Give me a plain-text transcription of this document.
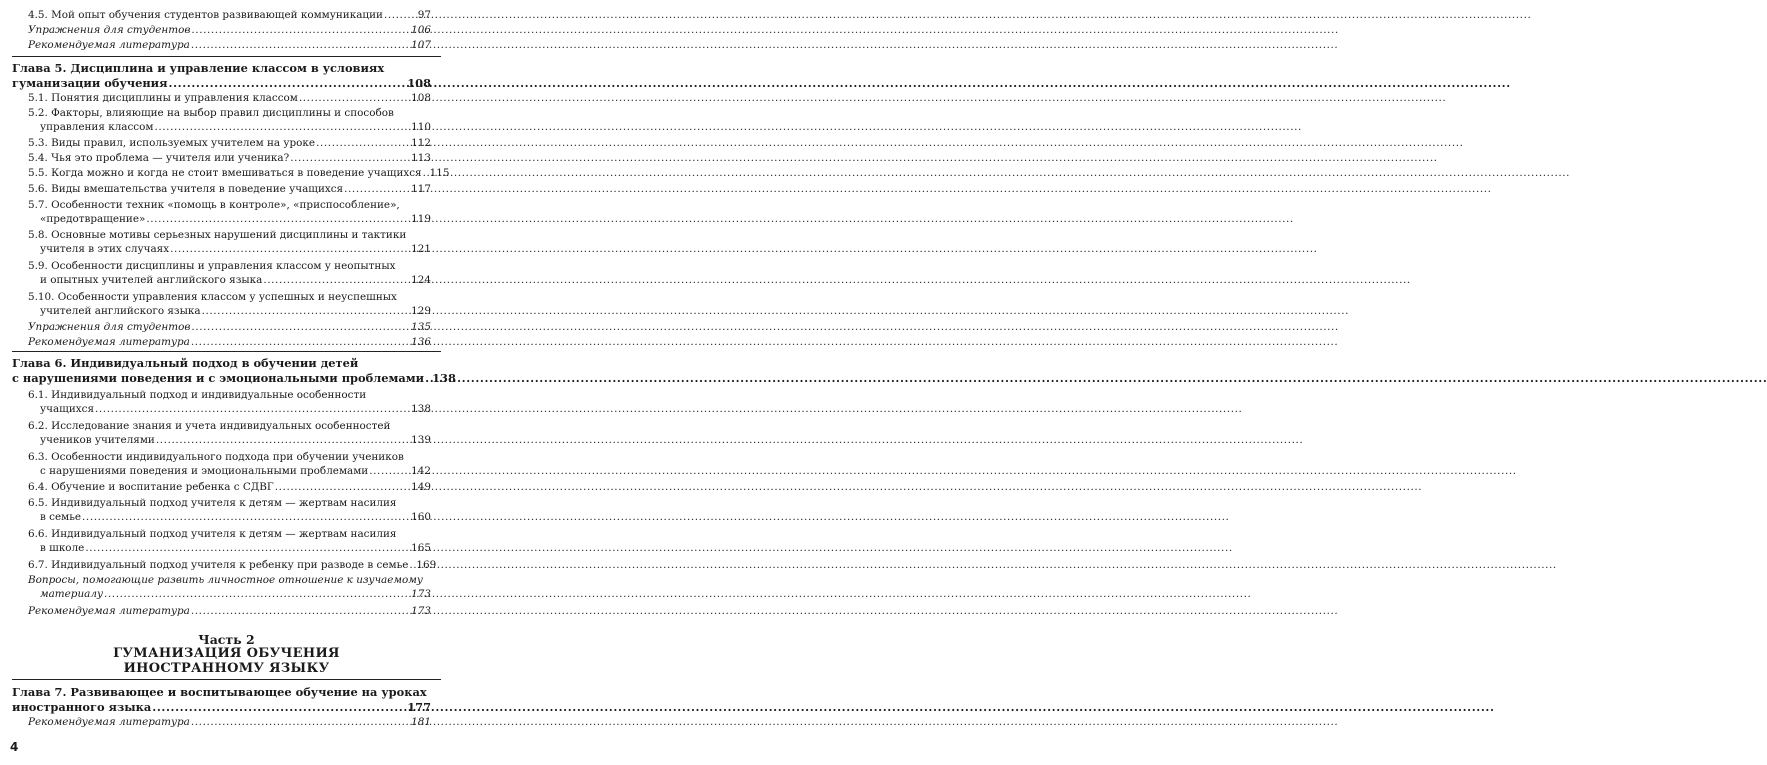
4.5. Мой опыт обучения студентов развивающей коммуникации .....	97
Упражнения для студентов .....	106
Рекомендуемая литература .....	107
Глава 5. Дисциплина и управление классом в условиях
гуманизации обучения .....	108
5.1. Понятия дисциплины и управления классом .....	108
5.2. Факторы, влияющие на выбор правил дисциплины и способов
управления классом .....	110
5.3. Виды правил, используемых учителем на уроке .....	112
5.4. Чья это проблема — учителя или ученика? .....	113
5.5. Когда можно и когда не стоит вмешиваться в поведение учащихся ..... 115
5.6. Виды вмешательства учителя в поведение учащихся .....	117
5.7. Особенности техник «помощь в контроле», «приспособление»,
«предотвращение» .....	119
5.8. Основные мотивы серьезных нарушений дисциплины и тактики
учителя в этих случаях .....	121
5.9. Особенности дисциплины и управления классом у неопытных
и опытных учителей английского языка .....	124
5.10. Особенности управления классом у успешных и неуспешных
учителей английского языка .....	129
Упражнения для студентов .....	135
Рекомендуемая литература .....	136
Глава 6. Индивидуальный подход в обучении детей
с нарушениями поведения и с эмоциональными проблемами ..... 138
6.1. Индивидуальный подход и индивидуальные особенности
учащихся .....	138
6.2. Исследование знания и учета индивидуальных особенностей
учеников учителями .....	139
6.3. Особенности индивидуального подхода при обучении учеников
с нарушениями поведения и эмоциональными проблемами .....	142
6.4. Обучение и воспитание ребенка с СДВГ .....	149
6.5. Индивидуальный подход учителя к детям — жертвам насилия
в семье .....	160
6.6. Индивидуальный подход учителя к детям — жертвам насилия
в школе .....	165
6.7. Индивидуальный подход учителя к ребенку при разводе в семье ..... 169
Вопросы, помогающие развить личностное отношение к изучаемому
материалу .....	173
Рекомендуемая литература .....	173
Часть 2
ГУМАНИЗАЦИЯ ОБУЧЕНИЯ
ИНОСТРАННОМУ ЯЗЫКУ
Глава 7. Развивающее и воспитывающее обучение на уроках
иностранного языка .....	177
Рекомендуемая литература .....	181
4
